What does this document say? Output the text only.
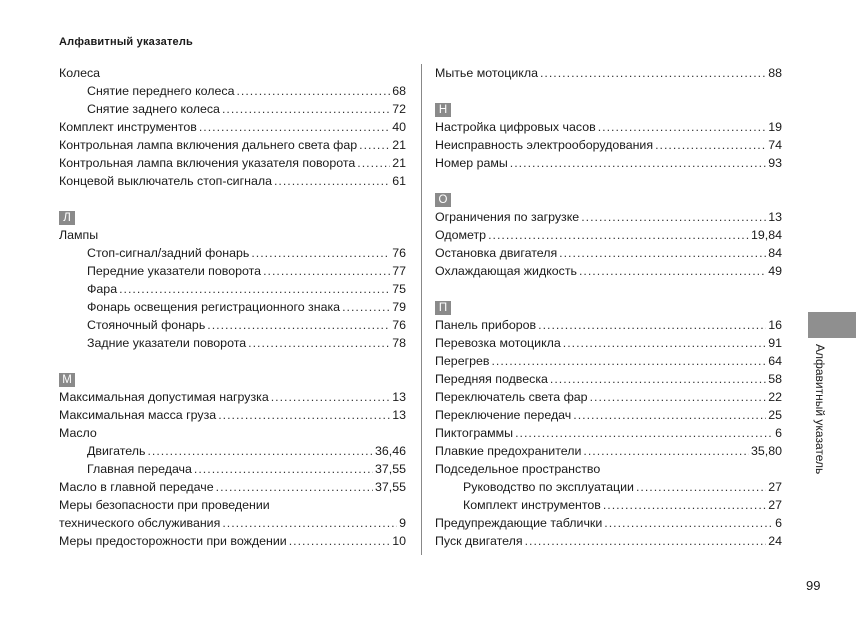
Алфавитный указатель
Колеса
Снятие переднего колеса .....	68
Снятие заднего колеса .....	72
Комплект инструментов .....	40
Контрольная лампа включения дальнего света фар .....	21
Контрольная лампа включения указателя поворота .....	21
Концевой выключатель стоп-сигнала .....	61
Л
Лампы
Стоп-сигнал/задний фонарь .....	76
Передние указатели поворота .....	77
Фара .....	75
Фонарь освещения регистрационного знака .....	79
Стояночный фонарь .....	76
Задние указатели поворота .....	78
М
Максимальная допустимая нагрузка .....	13
Максимальная масса груза .....	13
Масло
Двигатель .....	36,46
Главная передача .....	37,55
Масло в главной передаче .....	37,55
Меры безопасности при проведении
технического обслуживания .....	9
Меры предосторожности при вождении .....	10
Мытье мотоцикла .....	88
Н
Настройка цифровых часов .....	19
Неисправность электрооборудования .....	74
Номер рамы .....	93
О
Ограничения по загрузке .....	13
Одометр .....	19,84
Остановка двигателя .....	84
Охлаждающая жидкость .....	49
П
Панель приборов .....	16
Перевозка мотоцикла .....	91
Перегрев .....	64
Передняя подвеска .....	58
Переключатель света фар .....	22
Переключение передач .....	25
Пиктограммы .....	6
Плавкие предохранители .....	35,80
Подседельное пространство
Руководство по эксплуатации .....	27
Комплект инструментов .....	27
Предупреждающие таблички .....	6
Пуск двигателя .....	24
Алфавитный указатель
99
